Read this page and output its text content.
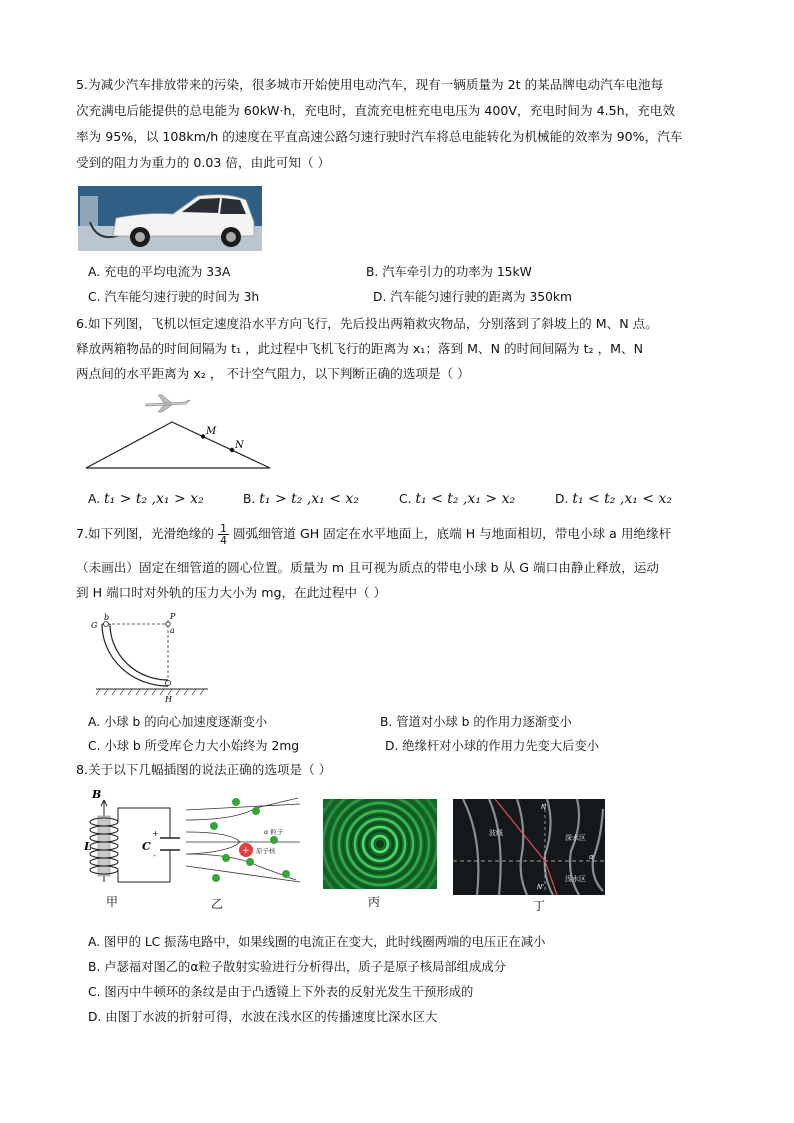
5.为减少汽车排放带来的污染，很多城市开始使用电动汽车，现有一辆质量为 2t 的某品牌电动汽车电池每
次充满电后能提供的总电能为 60kW·h，充电时，直流充电桩充电电压为 400V，充电时间为 4.5h，充电效
率为 95%，以 108km/h 的速度在平直高速公路匀速行驶时汽车将总电能转化为机械能的效率为 90%，汽车
受到的阻力为重力的 0.03 倍，由此可知（ ）
A. 充电的平均电流为 33A	B. 汽车牵引力的功率为 15kW
C. 汽车能匀速行驶的时间为 3h	D. 汽车能匀速行驶的距离为 350km
6.如下列图，飞机以恒定速度沿水平方向飞行，先后投出两箱救灾物品，分别落到了斜坡上的 M、N 点。
释放两箱物品的时间间隔为 t₁ ，此过程中飞机飞行的距离为 x₁；落到 M、N 的时间间隔为 t₂ ，M、N
两点间的水平距离为 x₂ ， 不计空气阻力，以下判断正确的选项是（ ）
M
N
A. t₁ > t₂ ,x₁ > x₂	B. t₁ > t₂ ,x₁ < x₂	C. t₁ < t₂ ,x₁ > x₂	D. t₁ < t₂ ,x₁ < x₂
7.如下列图，光滑绝缘的 $\frac{1}{4}$ 圆弧细管道 GH 固定在水平地面上，底端 H 与地面相切，带电小球 a 用绝缘杆
（未画出）固定在细管道的圆心位置。质量为 m 且可视为质点的带电小球 b 从 G 端口由静止释放，运动
到 H 端口时对外轨的压力大小为 mg，在此过程中（ ）
G
b	P
a
H
A. 小球 b 的向心加速度逐渐变小	B. 管道对小球 b 的作用力逐渐变小
C. 小球 b 所受库仑力大小始终为 2mg	D. 绝缘杆对小球的作用力先变大后变小
8.关于以下几幅插图的说法正确的选项是（ ）
+
-
B
L	C	+
α 粒子
原子核
波线
深水区
浅水区
N
N'
α
甲	乙	丙	丁
A. 图甲的 LC 振荡电路中，如果线圈的电流正在变大，此时线圈两端的电压正在减小
B. 卢瑟福对图乙的α粒子散射实验进行分析得出，质子是原子核局部组成成分
C. 图丙中牛顿环的条纹是由于凸透镜上下外表的反射光发生干预形成的
D. 由图丁水波的折射可得，水波在浅水区的传播速度比深水区大
